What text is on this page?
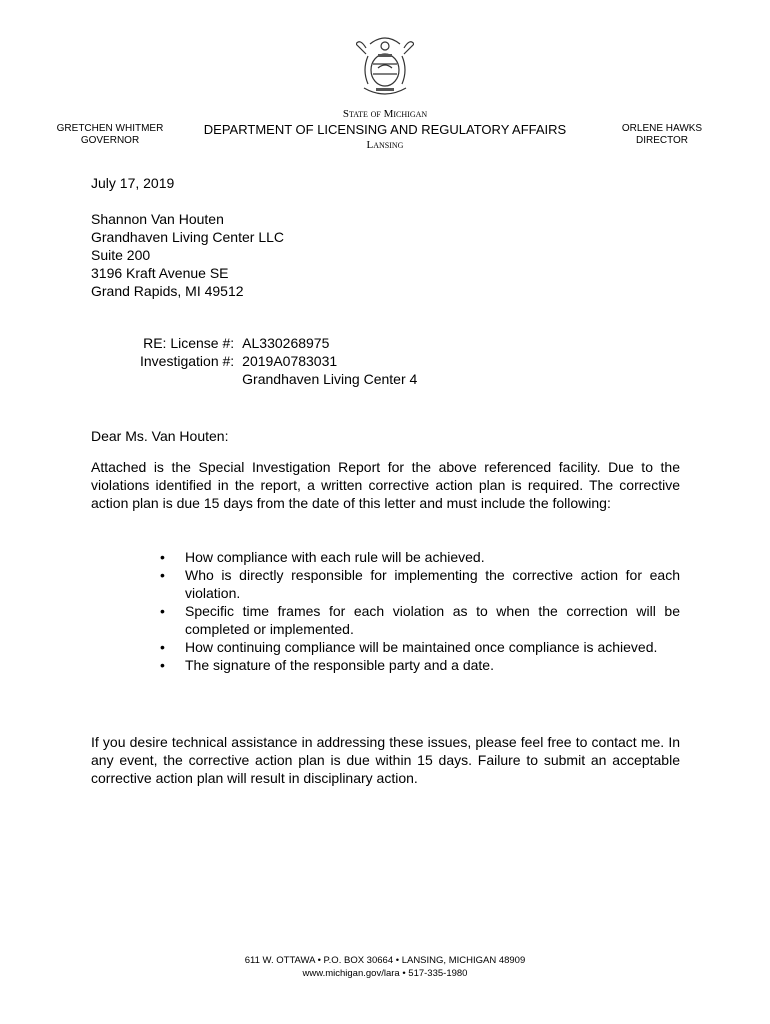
State of Michigan
DEPARTMENT OF LICENSING AND REGULATORY AFFAIRS
Lansing
GRETCHEN WHITMER
GOVERNOR
ORLENE HAWKS
DIRECTOR
July 17, 2019
Shannon Van Houten
Grandhaven Living Center LLC
Suite 200
3196 Kraft Avenue SE
Grand Rapids, MI 49512
RE: License #:	AL330268975
Investigation #:	2019A0783031
	Grandhaven Living Center 4
Dear Ms. Van Houten:
Attached is the Special Investigation Report for the above referenced facility. Due to the violations identified in the report, a written corrective action plan is required. The corrective action plan is due 15 days from the date of this letter and must include the following:
• How compliance with each rule will be achieved.
• Who is directly responsible for implementing the corrective action for each violation.
• Specific time frames for each violation as to when the correction will be completed or implemented.
• How continuing compliance will be maintained once compliance is achieved.
• The signature of the responsible party and a date.
If you desire technical assistance in addressing these issues, please feel free to contact me. In any event, the corrective action plan is due within 15 days. Failure to submit an acceptable corrective action plan will result in disciplinary action.
611 W. OTTAWA • P.O. BOX 30664 • LANSING, MICHIGAN 48909
www.michigan.gov/lara • 517-335-1980
